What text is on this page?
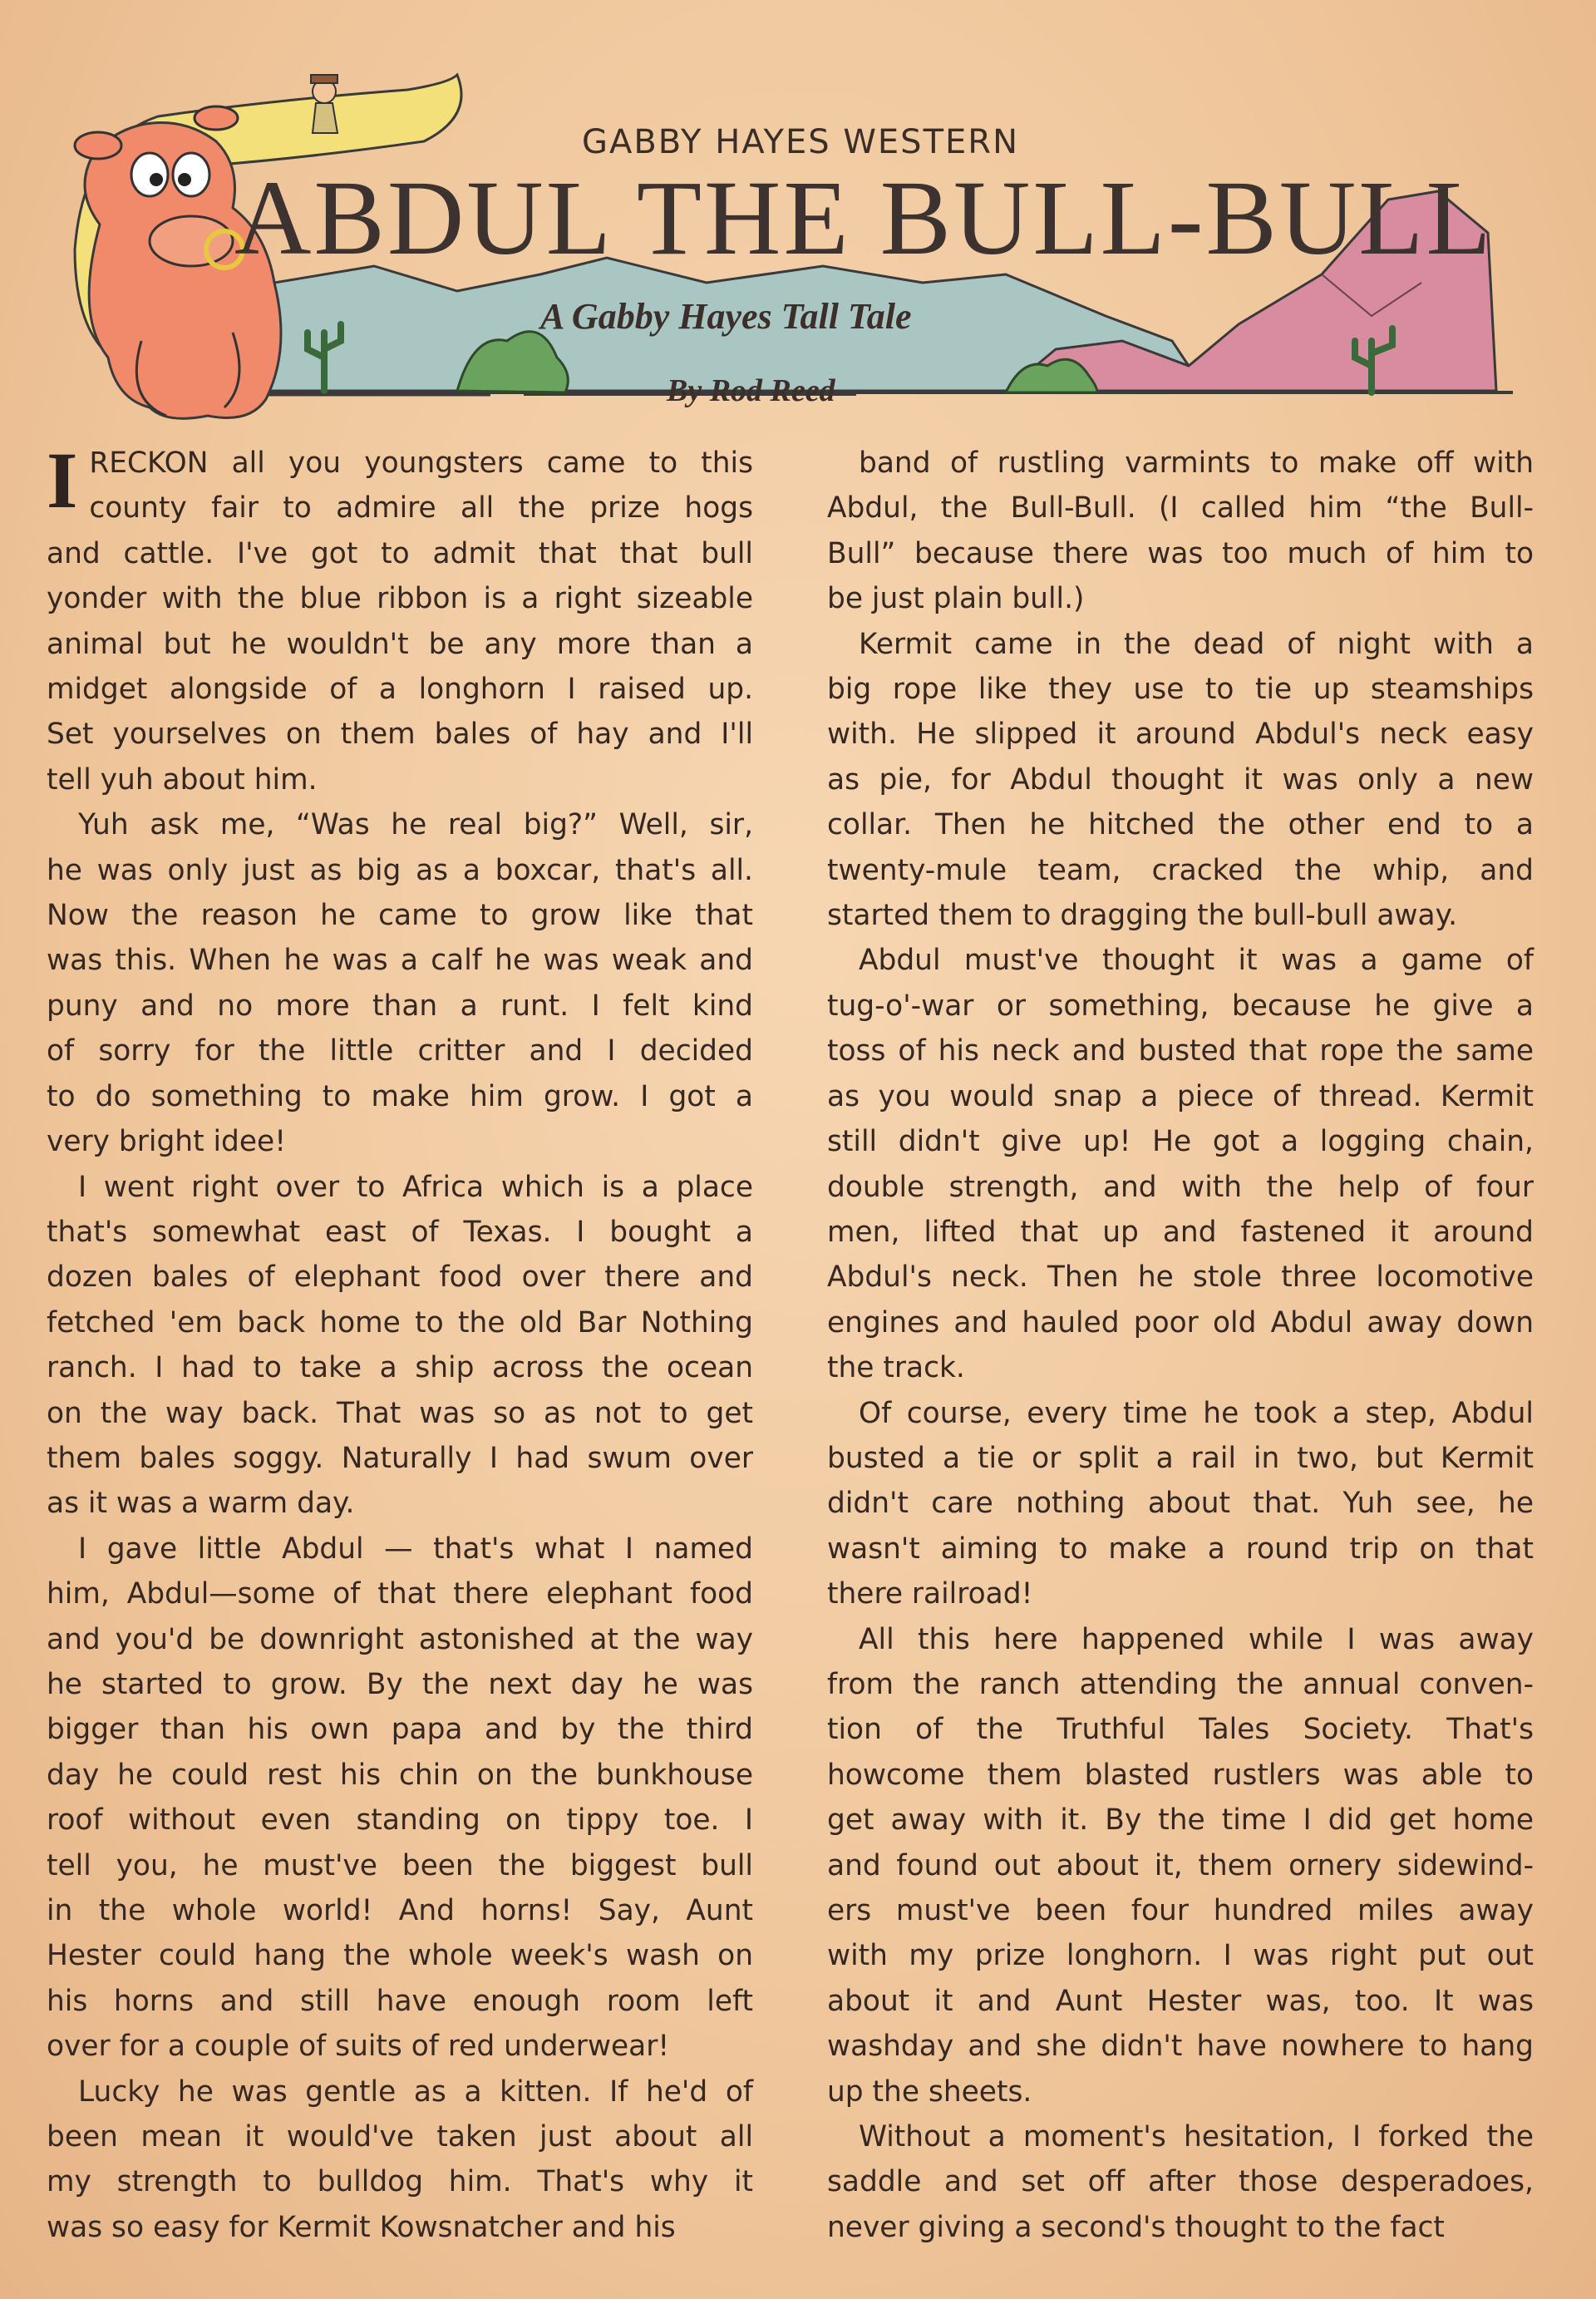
GABBY HAYES WESTERN
ABDUL THE BULL-BULL
A Gabby Hayes Tall Tale
By Rod Reed
I RECKON all you youngsters came to this
county fair to admire all the prize hogs
and cattle. I've got to admit that that bull
yonder with the blue ribbon is a right sizeable
animal but he wouldn't be any more than a
midget alongside of a longhorn I raised up.
Set yourselves on them bales of hay and I'll
tell yuh about him.
Yuh ask me, “Was he real big?” Well, sir,
he was only just as big as a boxcar, that's all.
Now the reason he came to grow like that
was this. When he was a calf he was weak and
puny and no more than a runt. I felt kind
of sorry for the little critter and I decided
to do something to make him grow. I got a
very bright idee!
I went right over to Africa which is a place
that's somewhat east of Texas. I bought a
dozen bales of elephant food over there and
fetched 'em back home to the old Bar Nothing
ranch. I had to take a ship across the ocean
on the way back. That was so as not to get
them bales soggy. Naturally I had swum over
as it was a warm day.
I gave little Abdul — that's what I named
him, Abdul—some of that there elephant food
and you'd be downright astonished at the way
he started to grow. By the next day he was
bigger than his own papa and by the third
day he could rest his chin on the bunkhouse
roof without even standing on tippy toe. I
tell you, he must've been the biggest bull
in the whole world! And horns! Say, Aunt
Hester could hang the whole week's wash on
his horns and still have enough room left
over for a couple of suits of red underwear!
Lucky he was gentle as a kitten. If he'd of
been mean it would've taken just about all
my strength to bulldog him. That's why it
was so easy for Kermit Kowsnatcher and his
band of rustling varmints to make off with
Abdul, the Bull-Bull. (I called him “the Bull-
Bull” because there was too much of him to
be just plain bull.)
Kermit came in the dead of night with a
big rope like they use to tie up steamships
with. He slipped it around Abdul's neck easy
as pie, for Abdul thought it was only a new
collar. Then he hitched the other end to a
twenty-mule team, cracked the whip, and
started them to dragging the bull-bull away.
Abdul must've thought it was a game of
tug-o'-war or something, because he give a
toss of his neck and busted that rope the same
as you would snap a piece of thread. Kermit
still didn't give up! He got a logging chain,
double strength, and with the help of four
men, lifted that up and fastened it around
Abdul's neck. Then he stole three locomotive
engines and hauled poor old Abdul away down
the track.
Of course, every time he took a step, Abdul
busted a tie or split a rail in two, but Kermit
didn't care nothing about that. Yuh see, he
wasn't aiming to make a round trip on that
there railroad!
All this here happened while I was away
from the ranch attending the annual conven-
tion of the Truthful Tales Society. That's
howcome them blasted rustlers was able to
get away with it. By the time I did get home
and found out about it, them ornery sidewind-
ers must've been four hundred miles away
with my prize longhorn. I was right put out
about it and Aunt Hester was, too. It was
washday and she didn't have nowhere to hang
up the sheets.
Without a moment's hesitation, I forked the
saddle and set off after those desperadoes,
never giving a second's thought to the fact
